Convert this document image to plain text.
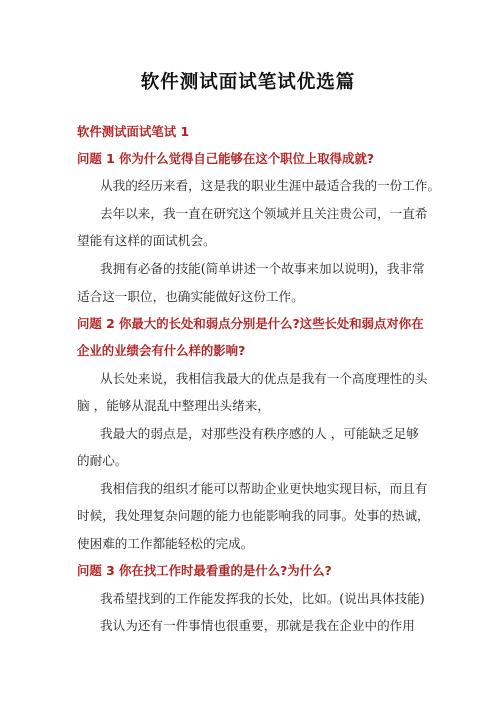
软件测试面试笔试优选篇
软件测试面试笔试 1
问题 1 你为什么觉得自己能够在这个职位上取得成就?
从我的经历来看，这是我的职业生涯中最适合我的一份工作。
去年以来，我一直在研究这个领域并且关注贵公司，一直希
望能有这样的面试机会。
我拥有必备的技能(简单讲述一个故事来加以说明)，我非常
适合这一职位，也确实能做好这份工作。
问题 2 你最大的长处和弱点分别是什么?这些长处和弱点对你在
企业的业绩会有什么样的影响?
从长处来说，我相信我最大的优点是我有一个高度理性的头
脑 ，能够从混乱中整理出头绪来，
我最大的弱点是，对那些没有秩序感的人 ，可能缺乏足够
的耐心。
我相信我的组织才能可以帮助企业更快地实现目标，而且有
时候，我处理复杂问题的能力也能影响我的同事。处事的热诚，
使困难的工作都能轻松的完成。
问题 3 你在找工作时最看重的是什么?为什么?
我希望找到的工作能发挥我的长处，比如。(说出具体技能)
我认为还有一件事情也很重要，那就是我在企业中的作用
